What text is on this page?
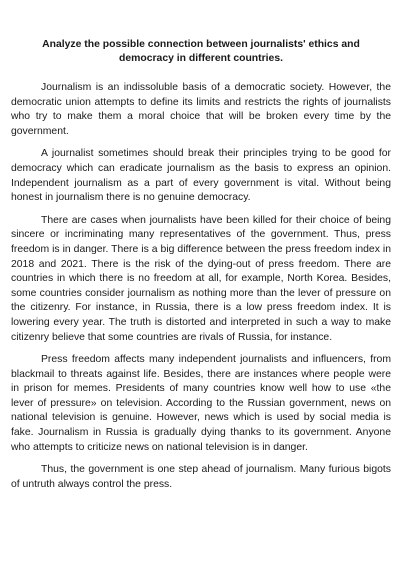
Analyze the possible connection between journalists' ethics and democracy in different countries.

Journalism is an indissoluble basis of a democratic society. However, the democratic union attempts to define its limits and restricts the rights of journalists who try to make them a moral choice that will be broken every time by the government.

A journalist sometimes should break their principles trying to be good for democracy which can eradicate journalism as the basis to express an opinion. Independent journalism as a part of every government is vital. Without being honest in journalism there is no genuine democracy.

There are cases when journalists have been killed for their choice of being sincere or incriminating many representatives of the government. Thus, press freedom is in danger. There is a big difference between the press freedom index in 2018 and 2021. There is the risk of the dying-out of press freedom. There are countries in which there is no freedom at all, for example, North Korea. Besides, some countries consider journalism as nothing more than the lever of pressure on the citizenry. For instance, in Russia, there is a low press freedom index. It is lowering every year. The truth is distorted and interpreted in such a way to make citizenry believe that some countries are rivals of Russia, for instance.

Press freedom affects many independent journalists and influencers, from blackmail to threats against life. Besides, there are instances where people were in prison for memes. Presidents of many countries know well how to use «the lever of pressure» on television. According to the Russian government, news on national television is genuine. However, news which is used by social media is fake. Journalism in Russia is gradually dying thanks to its government. Anyone who attempts to criticize news on national television is in danger.

Thus, the government is one step ahead of journalism. Many furious bigots of untruth always control the press.
